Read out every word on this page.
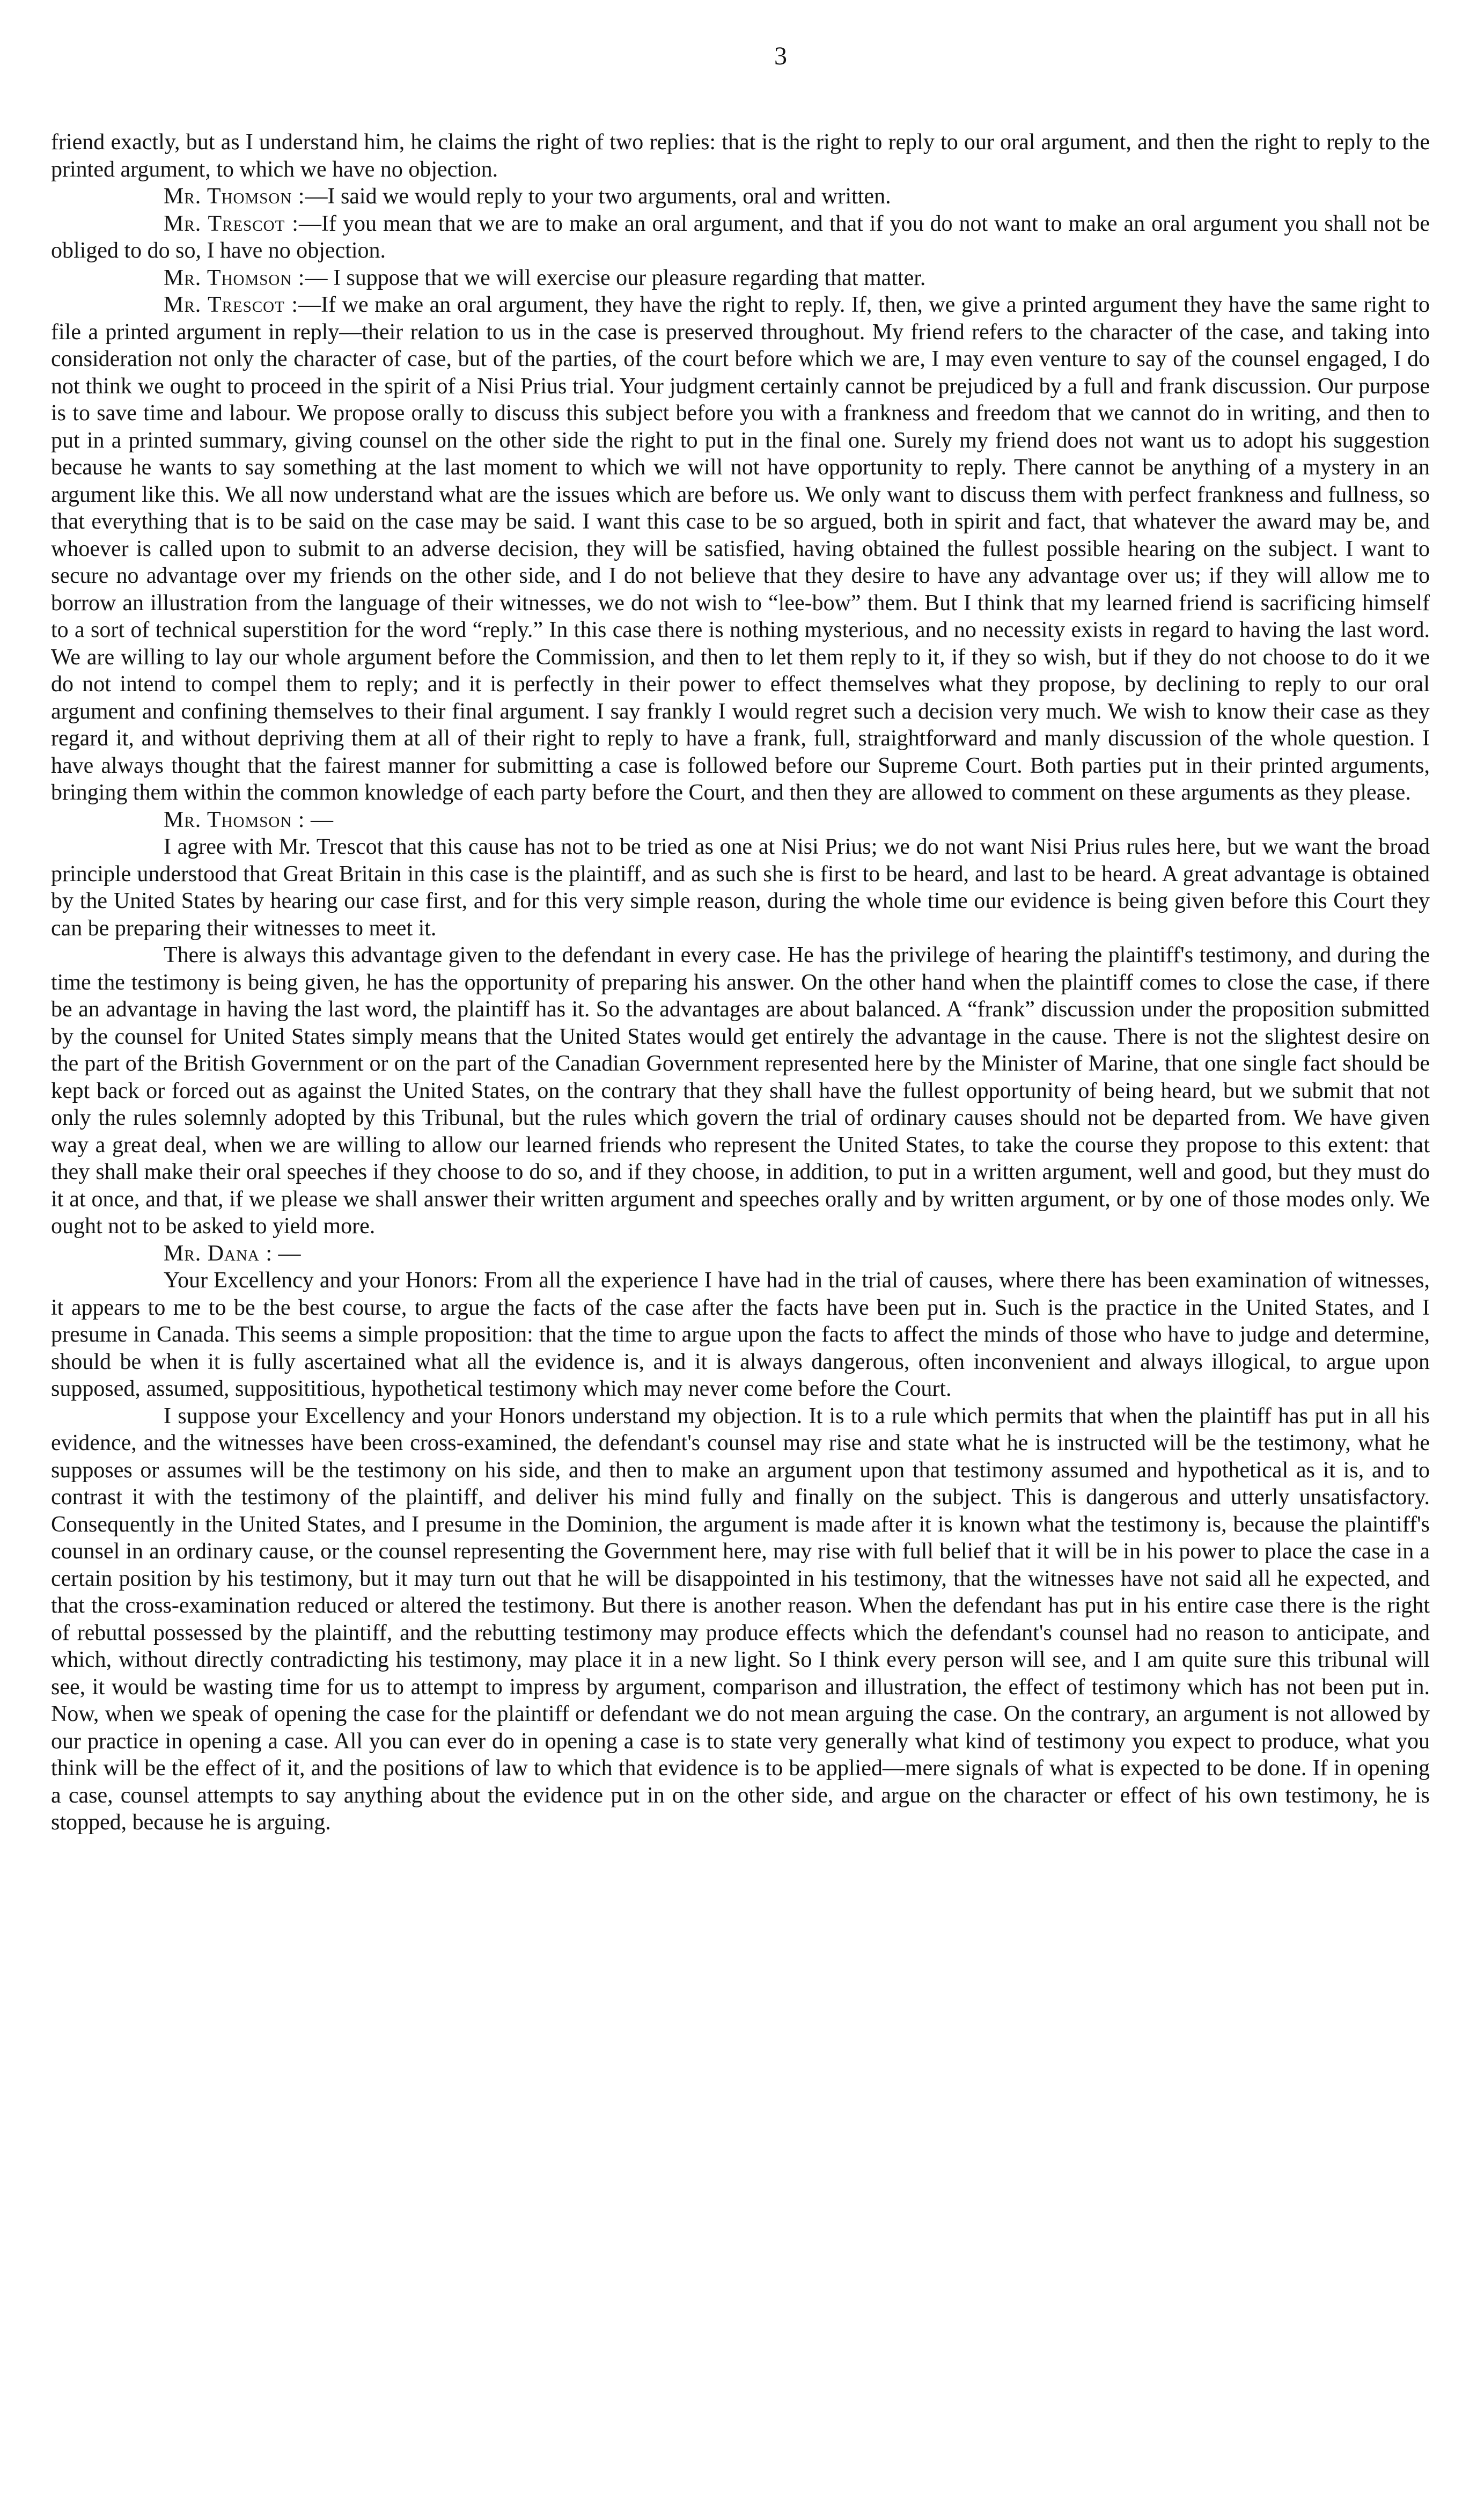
3

friend exactly, but as I understand him, he claims the right of two replies: that is the right to reply to our oral argument, and then the right to reply to the printed argument, to which we have no objection.

Mr. Thomson :—I said we would reply to your two arguments, oral and written.

Mr. Trescot :—If you mean that we are to make an oral argument, and that if you do not want to make an oral argument you shall not be obliged to do so, I have no objection.

Mr. Thomson :— I suppose that we will exercise our pleasure regarding that matter.

Mr. Trescot :—If we make an oral argument, they have the right to reply. If, then, we give a printed argument they have the same right to file a printed argument in reply—their relation to us in the case is preserved throughout. My friend refers to the character of the case, and taking into consideration not only the character of case, but of the parties, of the court before which we are, I may even venture to say of the counsel engaged, I do not think we ought to proceed in the spirit of a Nisi Prius trial. Your judgment certainly cannot be prejudiced by a full and frank discussion. Our purpose is to save time and labour. We propose orally to discuss this subject before you with a frankness and freedom that we cannot do in writing, and then to put in a printed summary, giving counsel on the other side the right to put in the final one. Surely my friend does not want us to adopt his suggestion because he wants to say something at the last moment to which we will not have opportunity to reply. There cannot be anything of a mystery in an argument like this. We all now understand what are the issues which are before us. We only want to discuss them with perfect frankness and fullness, so that everything that is to be said on the case may be said. I want this case to be so argued, both in spirit and fact, that whatever the award may be, and whoever is called upon to submit to an adverse decision, they will be satisfied, having obtained the fullest possible hearing on the subject. I want to secure no advantage over my friends on the other side, and I do not believe that they desire to have any advantage over us; if they will allow me to borrow an illustration from the language of their witnesses, we do not wish to “lee-bow” them. But I think that my learned friend is sacrificing himself to a sort of technical superstition for the word “reply.” In this case there is nothing mysterious, and no necessity exists in regard to having the last word. We are willing to lay our whole argument before the Commission, and then to let them reply to it, if they so wish, but if they do not choose to do it we do not intend to compel them to reply; and it is perfectly in their power to effect themselves what they propose, by declining to reply to our oral argument and confining themselves to their final argument. I say frankly I would regret such a decision very much. We wish to know their case as they regard it, and without depriving them at all of their right to reply to have a frank, full, straightforward and manly discussion of the whole question. I have always thought that the fairest manner for submitting a case is followed before our Supreme Court. Both parties put in their printed arguments, bringing them within the common knowledge of each party before the Court, and then they are allowed to comment on these arguments as they please.

Mr. Thomson : —

I agree with Mr. Trescot that this cause has not to be tried as one at Nisi Prius; we do not want Nisi Prius rules here, but we want the broad principle understood that Great Britain in this case is the plaintiff, and as such she is first to be heard, and last to be heard. A great advantage is obtained by the United States by hearing our case first, and for this very simple reason, during the whole time our evidence is being given before this Court they can be preparing their witnesses to meet it.

There is always this advantage given to the defendant in every case. He has the privilege of hearing the plaintiff's testimony, and during the time the testimony is being given, he has the opportunity of preparing his answer. On the other hand when the plaintiff comes to close the case, if there be an advantage in having the last word, the plaintiff has it. So the advantages are about balanced. A “frank” discussion under the proposition submitted by the counsel for United States simply means that the United States would get entirely the advantage in the cause. There is not the slightest desire on the part of the British Government or on the part of the Canadian Government represented here by the Minister of Marine, that one single fact should be kept back or forced out as against the United States, on the contrary that they shall have the fullest opportunity of being heard, but we submit that not only the rules solemnly adopted by this Tribunal, but the rules which govern the trial of ordinary causes should not be departed from. We have given way a great deal, when we are willing to allow our learned friends who represent the United States, to take the course they propose to this extent: that they shall make their oral speeches if they choose to do so, and if they choose, in addition, to put in a written argument, well and good, but they must do it at once, and that, if we please we shall answer their written argument and speeches orally and by written argument, or by one of those modes only. We ought not to be asked to yield more.

Mr. Dana : —

Your Excellency and your Honors: From all the experience I have had in the trial of causes, where there has been examination of witnesses, it appears to me to be the best course, to argue the facts of the case after the facts have been put in. Such is the practice in the United States, and I presume in Canada. This seems a simple proposition: that the time to argue upon the facts to affect the minds of those who have to judge and determine, should be when it is fully ascertained what all the evidence is, and it is always dangerous, often inconvenient and always illogical, to argue upon supposed, assumed, supposititious, hypothetical testimony which may never come before the Court.

I suppose your Excellency and your Honors understand my objection. It is to a rule which permits that when the plaintiff has put in all his evidence, and the witnesses have been cross-examined, the defendant's counsel may rise and state what he is instructed will be the testimony, what he supposes or assumes will be the testimony on his side, and then to make an argument upon that testimony assumed and hypothetical as it is, and to contrast it with the testimony of the plaintiff, and deliver his mind fully and finally on the subject. This is dangerous and utterly unsatisfactory. Consequently in the United States, and I presume in the Dominion, the argument is made after it is known what the testimony is, because the plaintiff's counsel in an ordinary cause, or the counsel representing the Government here, may rise with full belief that it will be in his power to place the case in a certain position by his testimony, but it may turn out that he will be disappointed in his testimony, that the witnesses have not said all he expected, and that the cross-examination reduced or altered the testimony. But there is another reason. When the defendant has put in his entire case there is the right of rebuttal possessed by the plaintiff, and the rebutting testimony may produce effects which the defendant's counsel had no reason to anticipate, and which, without directly contradicting his testimony, may place it in a new light. So I think every person will see, and I am quite sure this tribunal will see, it would be wasting time for us to attempt to impress by argument, comparison and illustration, the effect of testimony which has not been put in. Now, when we speak of opening the case for the plaintiff or defendant we do not mean arguing the case. On the contrary, an argument is not allowed by our practice in opening a case. All you can ever do in opening a case is to state very generally what kind of testimony you expect to produce, what you think will be the effect of it, and the positions of law to which that evidence is to be applied—mere signals of what is expected to be done. If in opening a case, counsel attempts to say anything about the evidence put in on the other side, and argue on the character or effect of his own testimony, he is stopped, because he is arguing.
